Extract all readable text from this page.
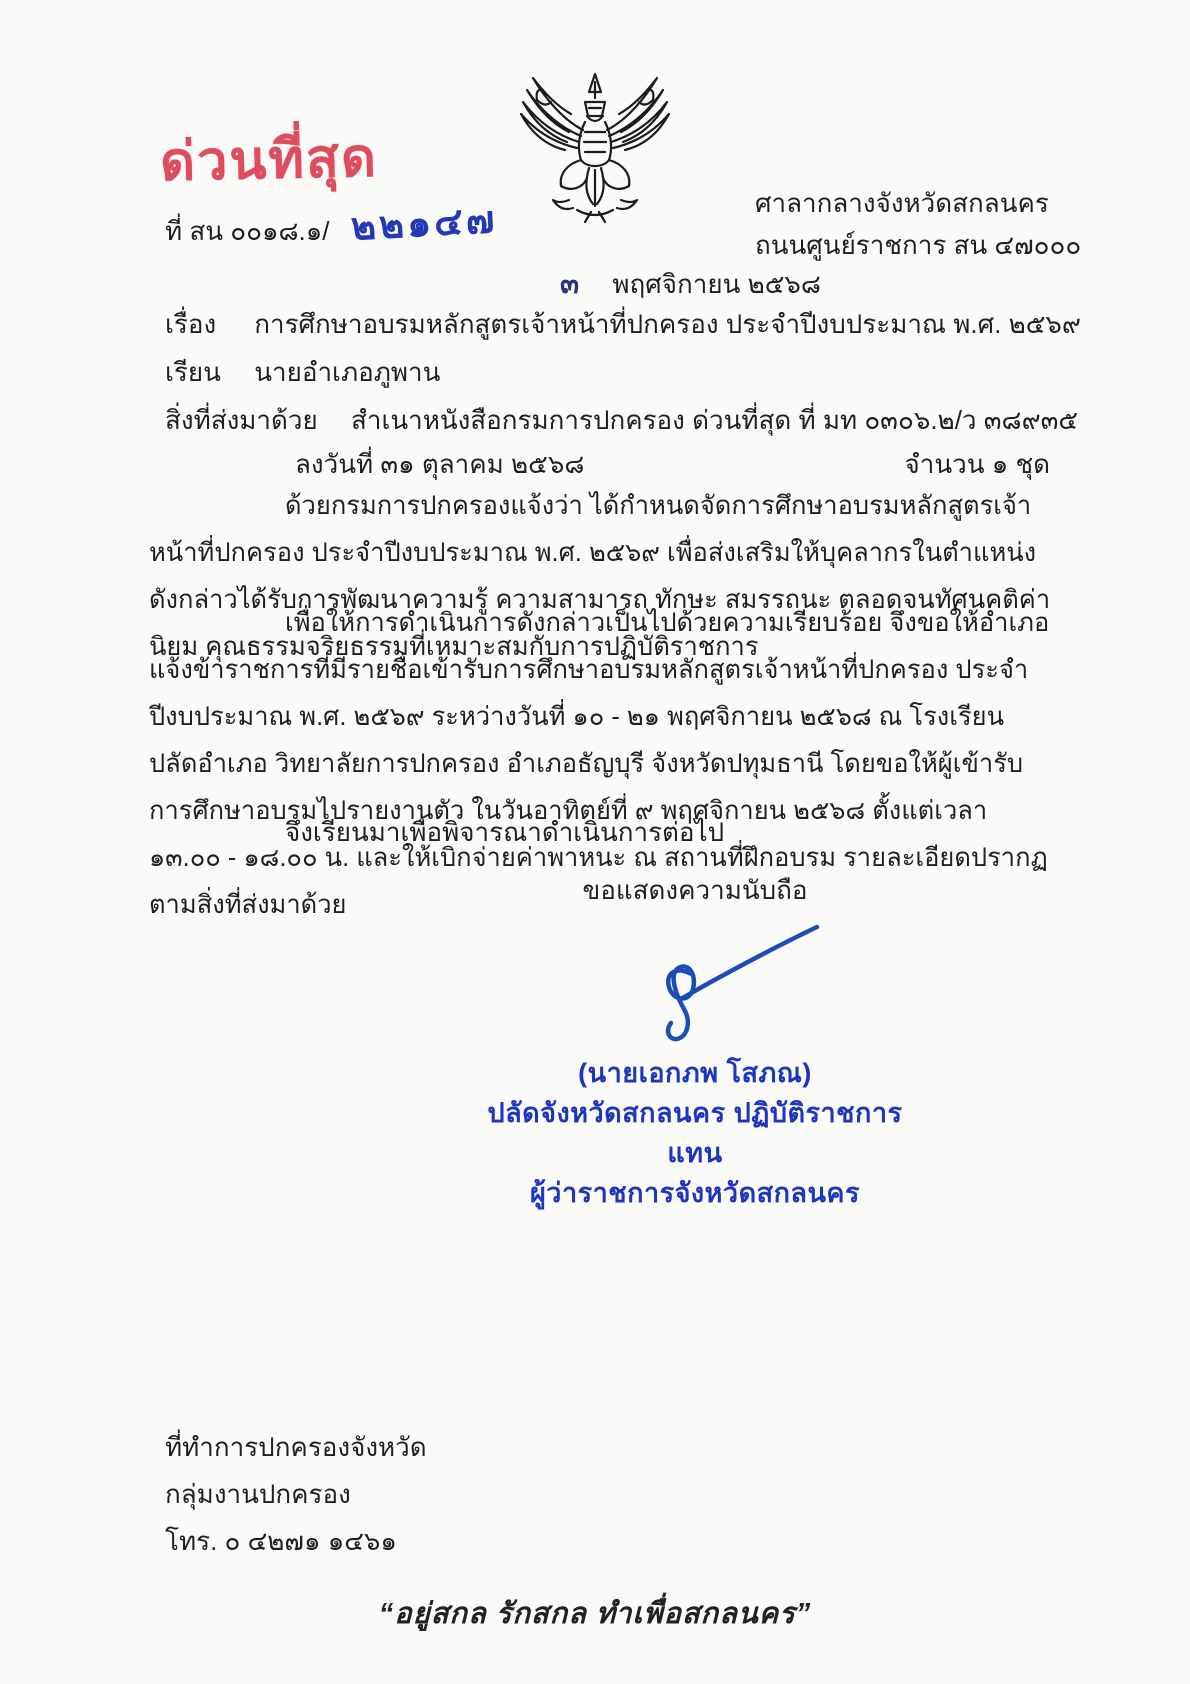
ด่วนที่สุด
ที่ สน ๐๐๑๘.๑/ ๒๒๑๔๗	ศาลากลางจังหวัดสกลนคร
ถนนศูนย์ราชการ สน ๔๗๐๐๐
๓ พฤศจิกายน ๒๕๖๘
เรื่อง การศึกษาอบรมหลักสูตรเจ้าหน้าที่ปกครอง ประจำปีงบประมาณ พ.ศ. ๒๕๖๙
เรียน นายอำเภอภูพาน
สิ่งที่ส่งมาด้วย สำเนาหนังสือกรมการปกครอง ด่วนที่สุด ที่ มท ๐๓๐๖.๒/ว ๓๘๙๓๕
ลงวันที่ ๓๑ ตุลาคม ๒๕๖๘	จำนวน ๑ ชุด
ด้วยกรมการปกครองแจ้งว่า ได้กำหนดจัดการศึกษาอบรมหลักสูตรเจ้าหน้าที่ปกครอง ประจำปีงบประมาณ พ.ศ. ๒๕๖๙ เพื่อส่งเสริมให้บุคลากรในตำแหน่งดังกล่าวได้รับการพัฒนาความรู้ ความสามารถ ทักษะ สมรรถนะ ตลอดจนทัศนคติค่านิยม คุณธรรมจริยธรรมที่เหมาะสมกับการปฏิบัติราชการ
เพื่อให้การดำเนินการดังกล่าวเป็นไปด้วยความเรียบร้อย จึงขอให้อำเภอแจ้งข้าราชการที่มีรายชื่อเข้ารับการศึกษาอบรมหลักสูตรเจ้าหน้าที่ปกครอง ประจำปีงบประมาณ พ.ศ. ๒๕๖๙ ระหว่างวันที่ ๑๐ - ๒๑ พฤศจิกายน ๒๕๖๘ ณ โรงเรียนปลัดอำเภอ วิทยาลัยการปกครอง อำเภอธัญบุรี จังหวัดปทุมธานี โดยขอให้ผู้เข้ารับการศึกษาอบรมไปรายงานตัว ในวันอาทิตย์ที่ ๙ พฤศจิกายน ๒๕๖๘ ตั้งแต่เวลา ๑๓.๐๐ - ๑๘.๐๐ น. และให้เบิกจ่ายค่าพาหนะ ณ สถานที่ฝึกอบรม รายละเอียดปรากฏตามสิ่งที่ส่งมาด้วย
จึงเรียนมาเพื่อพิจารณาดำเนินการต่อไป
ขอแสดงความนับถือ
(นายเอกภพ โสภณ)
ปลัดจังหวัดสกลนคร ปฏิบัติราชการแทน
ผู้ว่าราชการจังหวัดสกลนคร
ที่ทำการปกครองจังหวัด
กลุ่มงานปกครอง
โทร. ๐ ๔๒๗๑ ๑๔๖๑
“อยู่สกล รักสกล ทำเพื่อสกลนคร”
